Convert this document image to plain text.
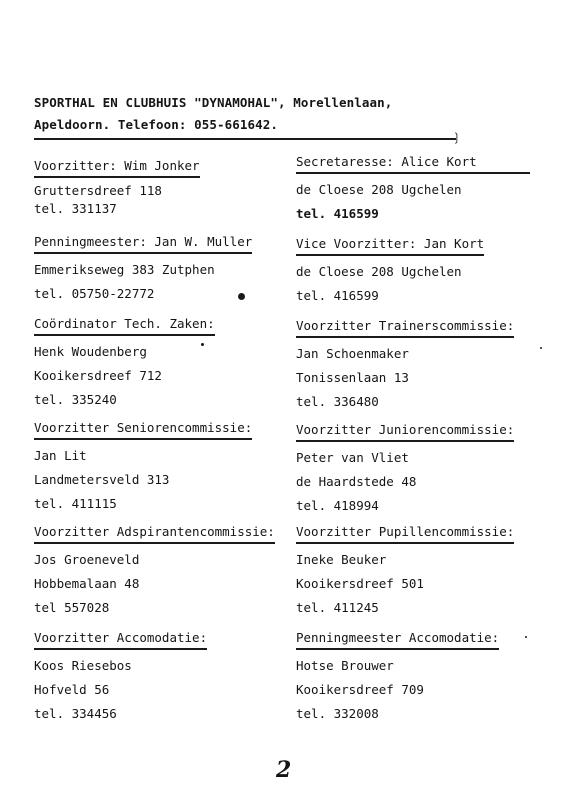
SPORTHAL EN CLUBHUIS "DYNAMOHAL", Morellenlaan,
Apeldoorn. Telefoon: 055-661642.
❳
Voorzitter: Wim Jonker
Gruttersdreef 118
tel. 331137
Secretaresse: Alice Kort
de Cloese 208 Ugchelen
tel. 416599
Penningmeester: Jan W. Muller
Emmerikseweg 383 Zutphen
tel. 05750-22772
Vice Voorzitter: Jan Kort
de Cloese 208 Ugchelen
tel. 416599
Coördinator Tech. Zaken:
Henk Woudenberg
Kooikersdreef 712
tel. 335240
Voorzitter Trainerscommissie:
Jan Schoenmaker
Tonissenlaan 13
tel. 336480
Voorzitter Seniorencommissie:
Jan Lit
Landmetersveld 313
tel. 411115
Voorzitter Juniorencommissie:
Peter van Vliet
de Haardstede 48
tel. 418994
Voorzitter Adspirantencommissie:
Jos Groeneveld
Hobbemalaan 48
tel 557028
Voorzitter Pupillencommissie:
Ineke Beuker
Kooikersdreef 501
tel. 411245
Voorzitter Accomodatie:
Koos Riesebos
Hofveld 56
tel. 334456
Penningmeester Accomodatie:
Hotse Brouwer
Kooikersdreef 709
tel. 332008
2
